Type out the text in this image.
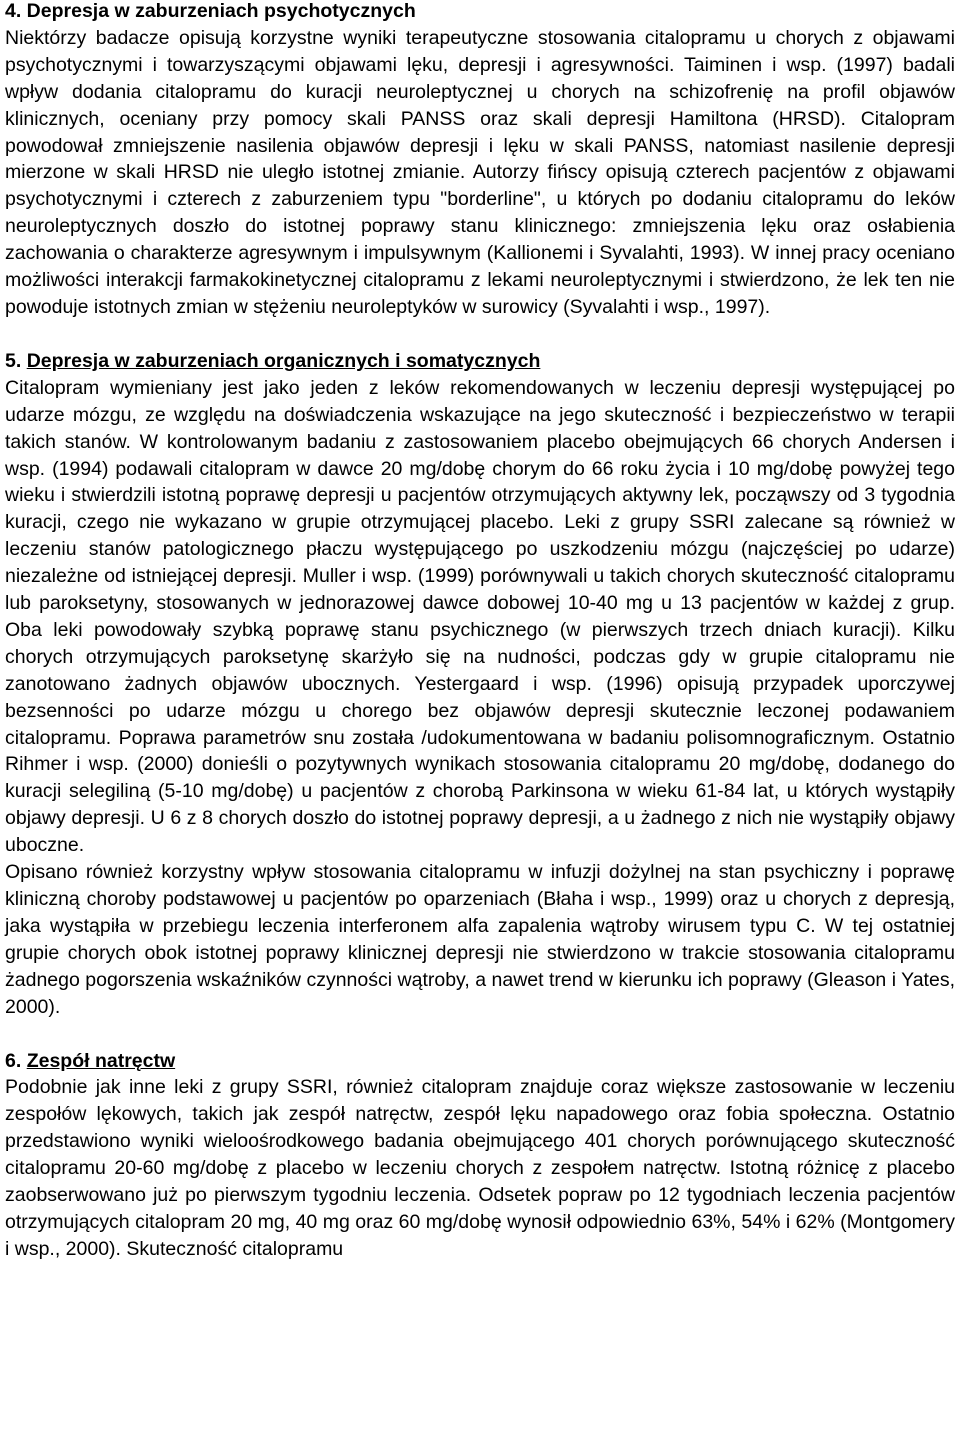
4. Depresja w zaburzeniach psychotycznych

Niektórzy badacze opisują korzystne wyniki terapeutyczne stosowania citalopramu u chorych z objawami psychotycznymi i towarzyszącymi objawami lęku, depresji i agresywności. Taiminen i wsp. (1997) badali wpływ dodania citalopramu do kuracji neuroleptycznej u chorych na schizofrenię na profil objawów klinicznych, oceniany przy pomocy skali PANSS oraz skali depresji Hamiltona (HRSD). Citalopram powodował zmniejszenie nasilenia objawów depresji i lęku w skali PANSS, natomiast nasilenie depresji mierzone w skali HRSD nie uległo istotnej zmianie. Autorzy fińscy opisują czterech pacjentów z objawami psychotycznymi i czterech z zaburzeniem typu "borderline", u których po dodaniu citalopramu do leków neuroleptycznych doszło do istotnej poprawy stanu klinicznego: zmniejszenia lęku oraz osłabienia zachowania o charakterze agresywnym i impulsywnym (Kallionemi i Syvalahti, 1993). W innej pracy oceniano możliwości interakcji farmakokinetycznej citalopramu z lekami neuroleptycznymi i stwierdzono, że lek ten nie powoduje istotnych zmian w stężeniu neuroleptyków w surowicy (Syvalahti i wsp., 1997).

5. Depresja w zaburzeniach organicznych i somatycznych

Citalopram wymieniany jest jako jeden z leków rekomendowanych w leczeniu depresji występującej po udarze mózgu, ze względu na doświadczenia wskazujące na jego skuteczność i bezpieczeństwo w terapii takich stanów. W kontrolowanym badaniu z zastosowaniem placebo obejmujących 66 chorych Andersen i wsp. (1994) podawali citalopram w dawce 20 mg/dobę chorym do 66 roku życia i 10 mg/dobę powyżej tego wieku i stwierdzili istotną poprawę depresji u pacjentów otrzymujących aktywny lek, począwszy od 3 tygodnia kuracji, czego nie wykazano w grupie otrzymującej placebo. Leki z grupy SSRI zalecane są również w leczeniu stanów patologicznego płaczu występującego po uszkodzeniu mózgu (najczęściej po udarze) niezależne od istniejącej depresji. Muller i wsp. (1999) porównywali u takich chorych skuteczność citalopramu lub paroksetyny, stosowanych w jednorazowej dawce dobowej 10-40 mg u 13 pacjentów w każdej z grup. Oba leki powodowały szybką poprawę stanu psychicznego (w pierwszych trzech dniach kuracji). Kilku chorych otrzymujących paroksetynę skarżyło się na nudności, podczas gdy w grupie citalopramu nie zanotowano żadnych objawów ubocznych. Yestergaard i wsp. (1996) opisują przypadek uporczywej bezsenności po udarze mózgu u chorego bez objawów depresji skutecznie leczonej podawaniem citalopramu. Poprawa parametrów snu została /udokumentowana w badaniu polisomnograficznym. Ostatnio Rihmer i wsp. (2000) donieśli o pozytywnych wynikach stosowania citalopramu 20 mg/dobę, dodanego do kuracji selegiliną (5-10 mg/dobę) u pacjentów z chorobą Parkinsona w wieku 61-84 lat, u których wystąpiły objawy depresji. U 6 z 8 chorych doszło do istotnej poprawy depresji, a u żadnego z nich nie wystąpiły objawy uboczne.

Opisano również korzystny wpływ stosowania citalopramu w infuzji dożylnej na stan psychiczny i poprawę kliniczną choroby podstawowej u pacjentów po oparzeniach (Błaha i wsp., 1999) oraz u chorych z depresją, jaka wystąpiła w przebiegu leczenia interferonem alfa zapalenia wątroby wirusem typu C. W tej ostatniej grupie chorych obok istotnej poprawy klinicznej depresji nie stwierdzono w trakcie stosowania citalopramu żadnego pogorszenia wskaźników czynności wątroby, a nawet trend w kierunku ich poprawy (Gleason i Yates, 2000).

6. Zespół natręctw

Podobnie jak inne leki z grupy SSRI, również citalopram znajduje coraz większe zastosowanie w leczeniu zespołów lękowych, takich jak zespół natręctw, zespół lęku napadowego oraz fobia społeczna. Ostatnio przedstawiono wyniki wieloośrodkowego badania obejmującego 401 chorych porównującego skuteczność citalopramu 20-60 mg/dobę z placebo w leczeniu chorych z zespołem natręctw. Istotną różnicę z placebo zaobserwowano już po pierwszym tygodniu leczenia. Odsetek popraw po 12 tygodniach leczenia pacjentów otrzymujących citalopram 20 mg, 40 mg oraz 60 mg/dobę wynosił odpowiednio 63%, 54% i 62% (Montgomery i wsp., 2000). Skuteczność citalopramu
